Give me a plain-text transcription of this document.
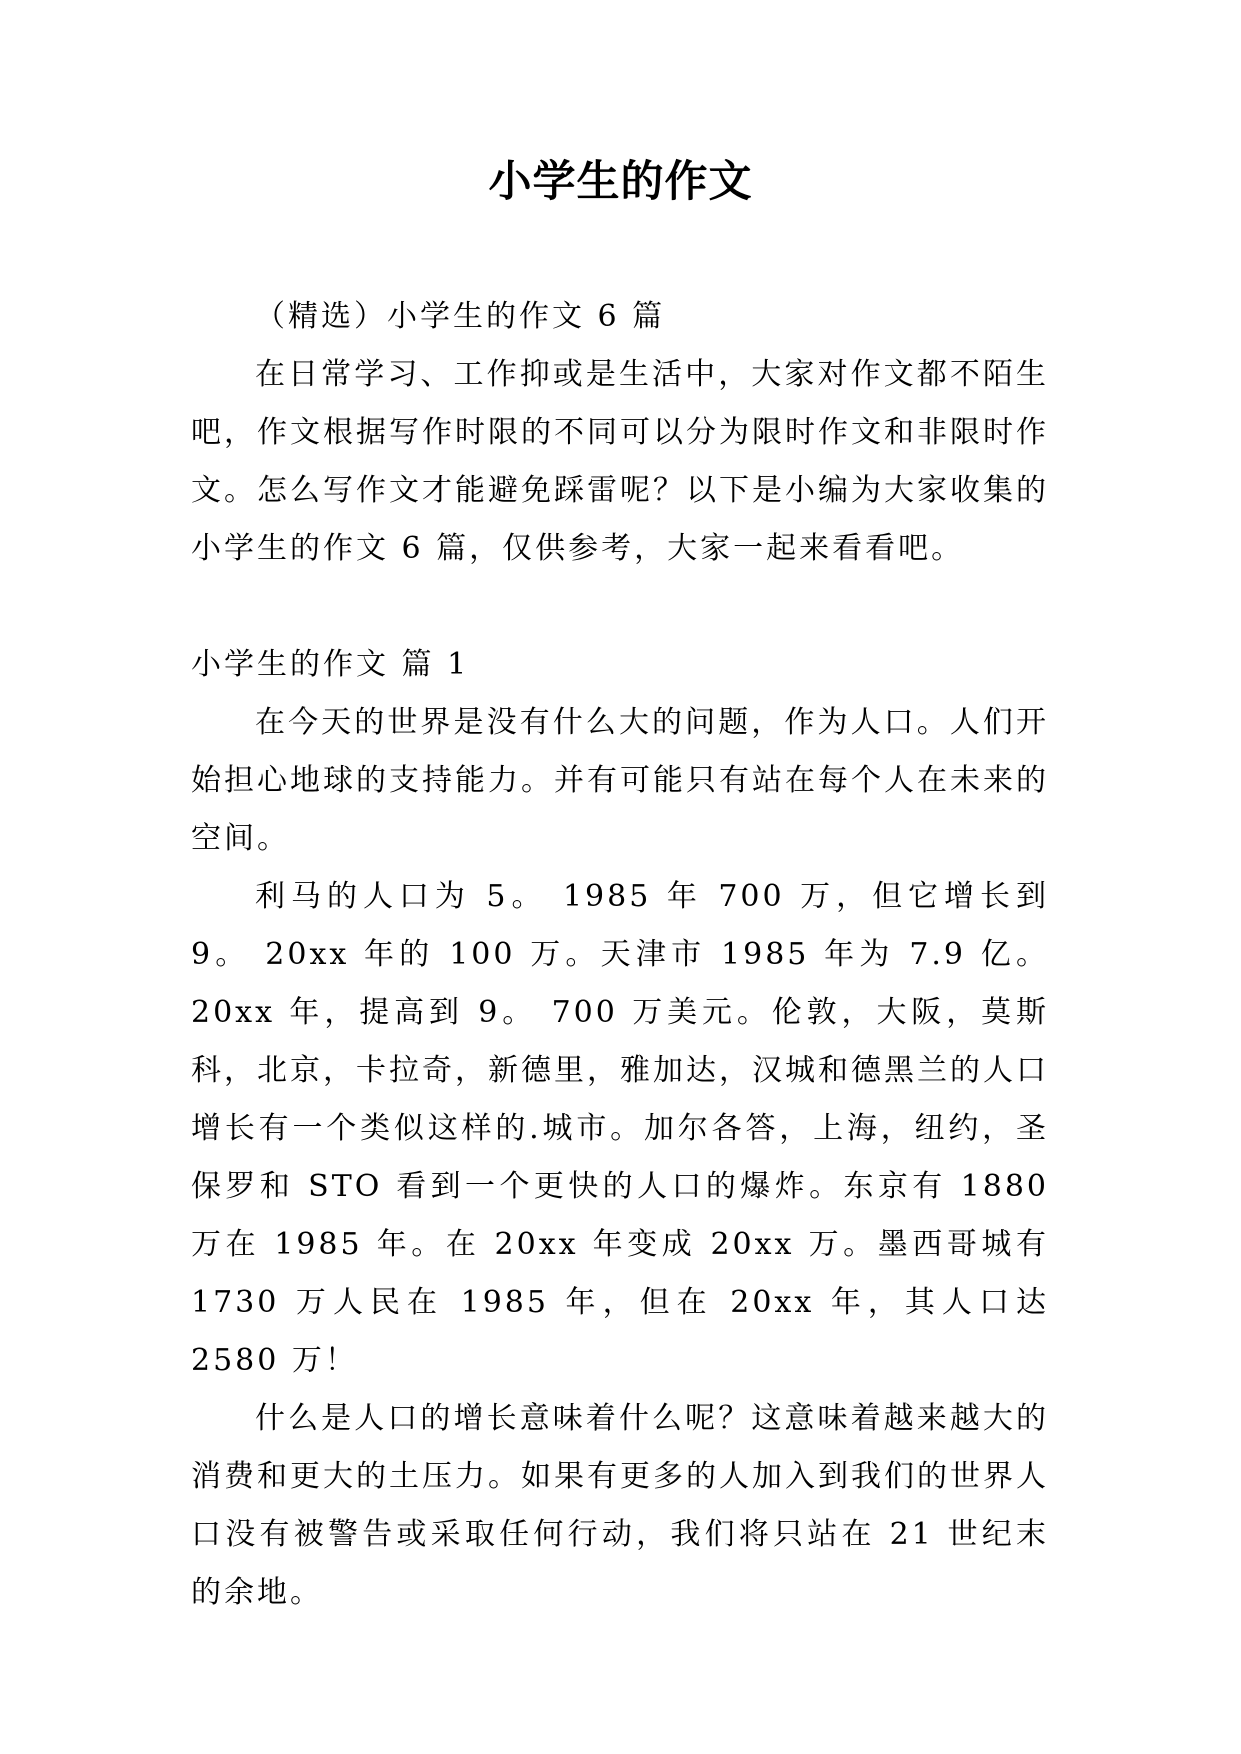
小学生的作文

（精选）小学生的作文 6 篇

在日常学习、工作抑或是生活中，大家对作文都不陌生吧，作文根据写作时限的不同可以分为限时作文和非限时作文。怎么写作文才能避免踩雷呢？以下是小编为大家收集的小学生的作文 6 篇，仅供参考，大家一起来看看吧。

小学生的作文 篇 1

在今天的世界是没有什么大的问题，作为人口。人们开始担心地球的支持能力。并有可能只有站在每个人在未来的空间。

利马的人口为 5。 1985 年 700 万，但它增长到 9。 20xx 年的 100 万。天津市 1985 年为 7.9 亿。 20xx 年，提高到 9。 700 万美元。伦敦，大阪，莫斯科，北京，卡拉奇，新德里，雅加达，汉城和德黑兰的人口增长有一个类似这样的.城市。加尔各答，上海，纽约，圣保罗和 STO 看到一个更快的人口的爆炸。东京有 1880 万在 1985 年。在 20xx 年变成 20xx 万。墨西哥城有 1730 万人民在 1985 年，但在 20xx 年，其人口达 2580 万！

什么是人口的增长意味着什么呢？这意味着越来越大的消费和更大的土压力。如果有更多的人加入到我们的世界人口没有被警告或采取任何行动，我们将只站在 21 世纪末的余地。
